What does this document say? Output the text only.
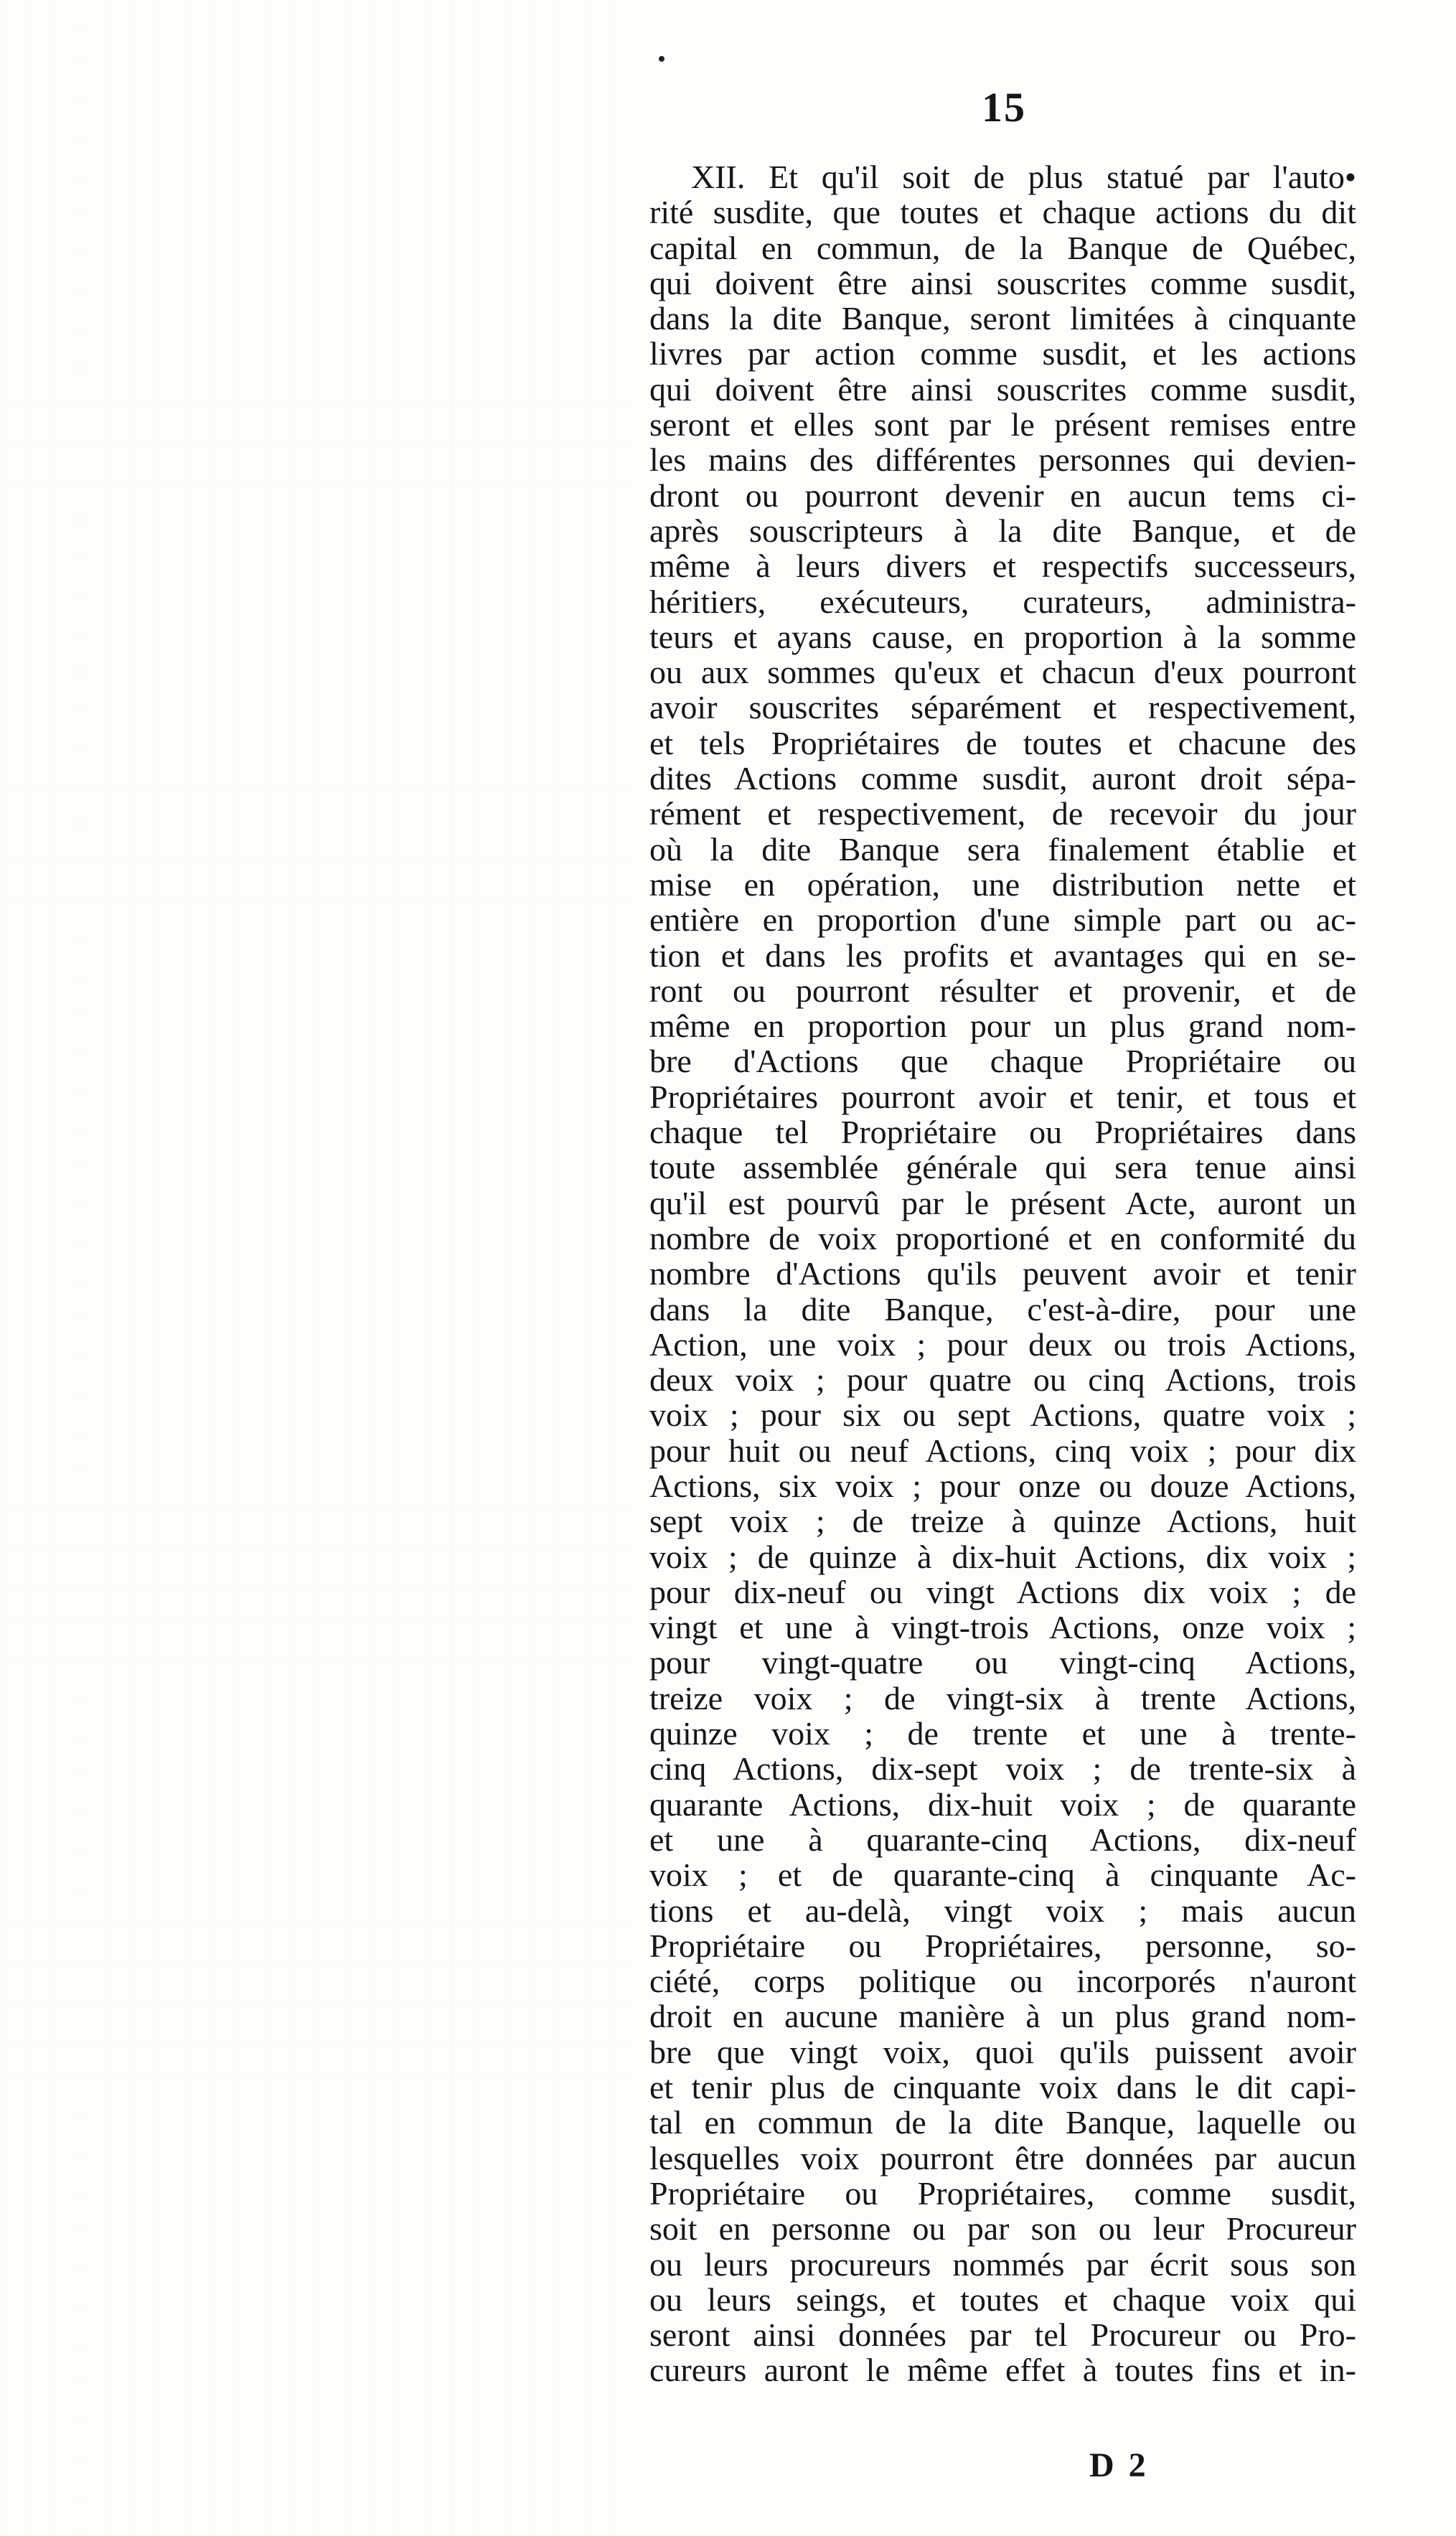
15
XII. Et qu'il soit de plus statué par l'auto•
rité susdite, que toutes et chaque actions du dit
capital en commun, de la Banque de Québec,
qui doivent être ainsi souscrites comme susdit,
dans la dite Banque, seront limitées à cinquante
livres par action comme susdit, et les actions
qui doivent être ainsi souscrites comme susdit,
seront et elles sont par le présent remises entre
les mains des différentes personnes qui devien-
dront ou pourront devenir en aucun tems ci-
après souscripteurs à la dite Banque, et de
même à leurs divers et respectifs successeurs,
héritiers, exécuteurs, curateurs, administra-
teurs et ayans cause, en proportion à la somme
ou aux sommes qu'eux et chacun d'eux pourront
avoir souscrites séparément et respectivement,
et tels Propriétaires de toutes et chacune des
dites Actions comme susdit, auront droit sépa-
rément et respectivement, de recevoir du jour
où la dite Banque sera finalement établie et
mise en opération, une distribution nette et
entière en proportion d'une simple part ou ac-
tion et dans les profits et avantages qui en se-
ront ou pourront résulter et provenir, et de
même en proportion pour un plus grand nom-
bre d'Actions que chaque Propriétaire ou
Propriétaires pourront avoir et tenir, et tous et
chaque tel Propriétaire ou Propriétaires dans
toute assemblée générale qui sera tenue ainsi
qu'il est pourvû par le présent Acte, auront un
nombre de voix proportioné et en conformité du
nombre d'Actions qu'ils peuvent avoir et tenir
dans la dite Banque, c'est-à-dire, pour une
Action, une voix ; pour deux ou trois Actions,
deux voix ; pour quatre ou cinq Actions, trois
voix ; pour six ou sept Actions, quatre voix ;
pour huit ou neuf Actions, cinq voix ; pour dix
Actions, six voix ; pour onze ou douze Actions,
sept voix ; de treize à quinze Actions, huit
voix ; de quinze à dix-huit Actions, dix voix ;
pour dix-neuf ou vingt Actions dix voix ; de
vingt et une à vingt-trois Actions, onze voix ;
pour vingt-quatre ou vingt-cinq Actions,
treize voix ; de vingt-six à trente Actions,
quinze voix ; de trente et une à trente-
cinq Actions, dix-sept voix ; de trente-six à
quarante Actions, dix-huit voix ; de quarante
et une à quarante-cinq Actions, dix-neuf
voix ; et de quarante-cinq à cinquante Ac-
tions et au-delà, vingt voix ; mais aucun
Propriétaire ou Propriétaires, personne, so-
ciété, corps politique ou incorporés n'auront
droit en aucune manière à un plus grand nom-
bre que vingt voix, quoi qu'ils puissent avoir
et tenir plus de cinquante voix dans le dit capi-
tal en commun de la dite Banque, laquelle ou
lesquelles voix pourront être données par aucun
Propriétaire ou Propriétaires, comme susdit,
soit en personne ou par son ou leur Procureur
ou leurs procureurs nommés par écrit sous son
ou leurs seings, et toutes et chaque voix qui
seront ainsi données par tel Procureur ou Pro-
cureurs auront le même effet à toutes fins et in-
D 2
